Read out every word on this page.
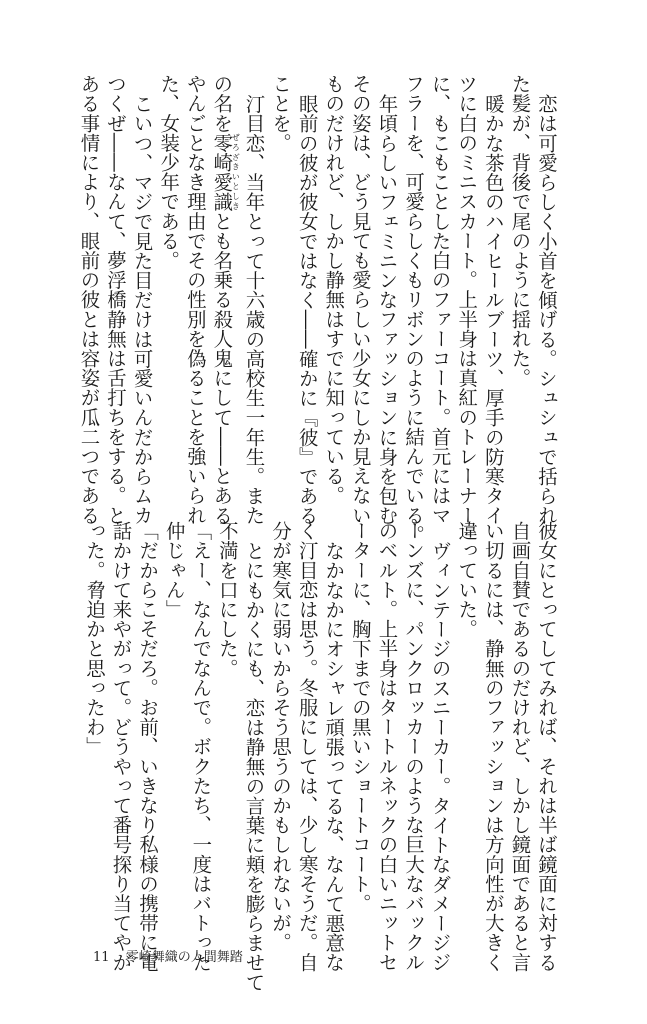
恋は可愛らしく小首を傾げる。シュシュで括られ
た髪が、背後で尾のように揺れた。
暖かな茶色のハイヒールブーツ、厚手の防寒タイ
ツに白のミニスカート。上半身は真紅のトレーナー
に、もこもことした白のファーコート。首元にはマ
フラーを、可愛らしくもリボンのように結んでいる。
年頃らしいフェミニンなファッションに身を包む
その姿は、どう見ても愛らしい少女にしか見えない
ものだけれど、しかし静無はすでに知っている。
眼前の彼が彼女ではなく――確かに『彼』である
ことを。
汀目恋、当年とって十六歳の高校生一年生。また
の名を零崎愛識ぜろざきいとしきとも名乗る殺人鬼にして――とある
やんごとなき理由でその性別を偽ることを強いられ
た、女装少年である。
こいつ、マジで見た目だけは可愛いんだからムカ
つくぜ――なんて、夢浮橋静無は舌打ちをする。と
ある事情により、眼前の彼とは容姿が瓜二つである
彼女にとってしてみれば、それは半ば鏡面に対する
自画自賛であるのだけれど、しかし鏡面であると言
い切るには、静無のファッションは方向性が大きく
違っていた。
ヴィンテージのスニーカー。タイトなダメージジ
ーンズに、パンクロッカーのような巨大なバックル
のベルト。上半身はタートルネックの白いニットセ
ーターに、胸下までの黒いショートコート。
なかなかにオシャレ頑張ってるな、なんて悪意な
く汀目恋は思う。冬服にしては、少し寒そうだ。自
分が寒気に弱いからそう思うのかもしれないが。
とにもかくにも、恋は静無の言葉に頬を膨らませて
不満を口にした。
「えー、なんでなんで。ボクたち、一度はバトった
仲じゃん」
「だからこそだろ。お前、いきなり私様の携帯に電
話かけて来やがって。どうやって番号探り当てやが
った。脅迫かと思ったわ」
11 零崎舞織の人間舞踏
